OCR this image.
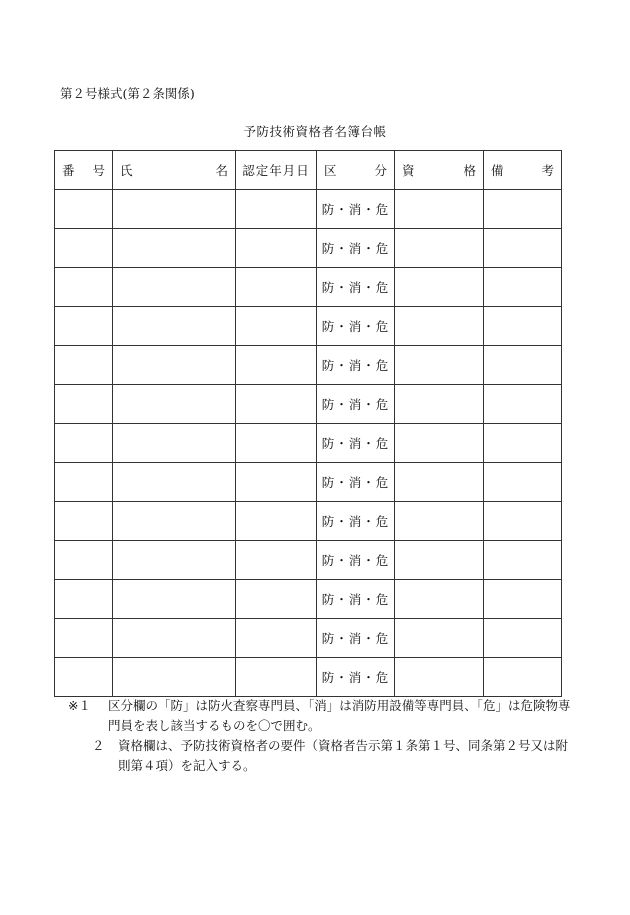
第２号様式(第２条関係)
予防技術資格者名簿台帳
番 号	氏 名	認定年月日	区 分	資 格	備 考

			防・消・危		
			防・消・危		
			防・消・危		
			防・消・危		
			防・消・危		
			防・消・危		
			防・消・危		
			防・消・危		
			防・消・危		
			防・消・危		
			防・消・危		
			防・消・危		
			防・消・危		
※１	区分欄の「防」は防火査察専門員、「消」は消防用設備等専門員、「危」は危険物専門員を表し該当するものを〇で囲む。
２	資格欄は、予防技術資格者の要件（資格者告示第１条第１号、同条第２号又は附則第４項）を記入する。
